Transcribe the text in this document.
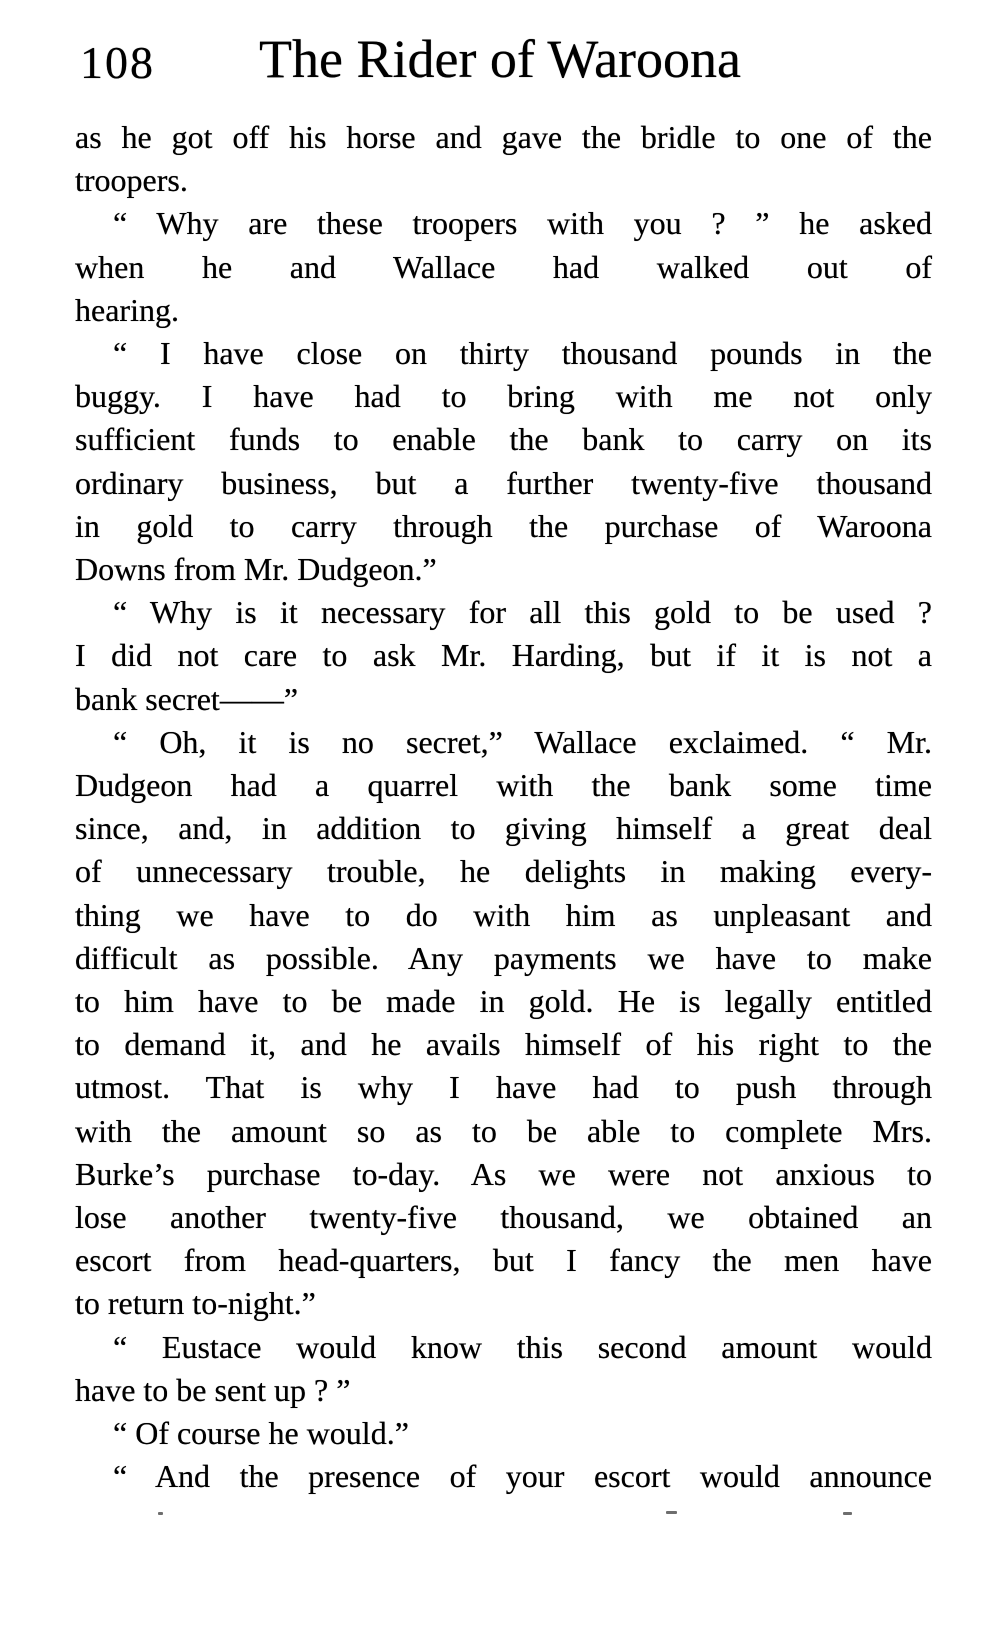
108	The Rider of Waroona
as he got off his horse and gave the bridle to one of the
troopers.
“ Why are these troopers with you ? ” he asked
when he and Wallace had walked out of
hearing.
“ I have close on thirty thousand pounds in the
buggy. I have had to bring with me not only
sufficient funds to enable the bank to carry on its
ordinary business, but a further twenty-five thousand
in gold to carry through the purchase of Waroona
Downs from Mr. Dudgeon.”
“ Why is it necessary for all this gold to be used ?
I did not care to ask Mr. Harding, but if it is not a
bank secret——”
“ Oh, it is no secret,” Wallace exclaimed. “ Mr.
Dudgeon had a quarrel with the bank some time
since, and, in addition to giving himself a great deal
of unnecessary trouble, he delights in making every-
thing we have to do with him as unpleasant and
difficult as possible. Any payments we have to make
to him have to be made in gold. He is legally entitled
to demand it, and he avails himself of his right to the
utmost. That is why I have had to push through
with the amount so as to be able to complete Mrs.
Burke’s purchase to-day. As we were not anxious to
lose another twenty-five thousand, we obtained an
escort from head-quarters, but I fancy the men have
to return to-night.”
“ Eustace would know this second amount would
have to be sent up ? ”
“ Of course he would.”
“ And the presence of your escort would announce
